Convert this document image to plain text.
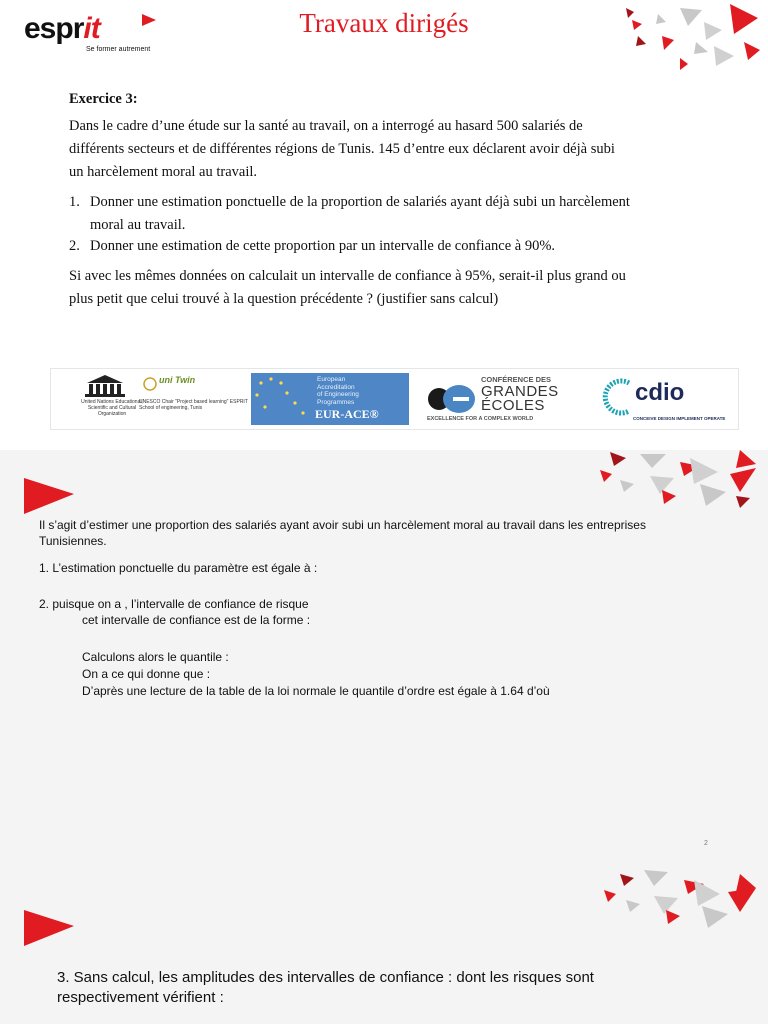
esprit
Se former autrement
Travaux dirigés
Exercice 3:
Dans le cadre d’une étude sur la santé au travail, on a interrogé au hasard 500 salariés de
différents secteurs et de différentes régions de Tunis. 145 d’entre eux déclarent avoir déjà subi
un harcèlement moral au travail.
1. Donner une estimation ponctuelle de la proportion de salariés ayant déjà subi un harcèlement
moral au travail.
2. Donner une estimation de cette proportion par un intervalle de confiance à 90%.
Si avec les mêmes données on calculait un intervalle de confiance à 95%, serait-il plus grand ou
plus petit que celui trouvé à la question précédente ? (justifier sans calcul)
United Nations Educational, Scientific and Cultural Organization
uni Twin
UNESCO Chair "Project based learning" ESPRIT School of engineering, Tunis
European
Accreditation
of Engineering
Programmes
EUR-ACE®
CONFÉRENCE DES
GRANDES
ÉCOLES
EXCELLENCE FOR A COMPLEX WORLD
cdio
CONCEIVE DESIGN IMPLEMENT OPERATE
Il s’agit d’estimer une proportion des salariés ayant avoir subi un harcèlement moral au travail dans les entreprises
Tunisiennes.
1. L’estimation ponctuelle du paramètre est égale à :
2. puisque on a , l’intervalle de confiance de risque
cet intervalle de confiance est de la forme :
Calculons alors le quantile :
On a ce qui donne que :
D’après une lecture de la table de la loi normale le quantile d’ordre est égale à 1.64 d’où
2
3. Sans calcul, les amplitudes des intervalles de confiance : dont les risques sont
respectivement vérifient :
